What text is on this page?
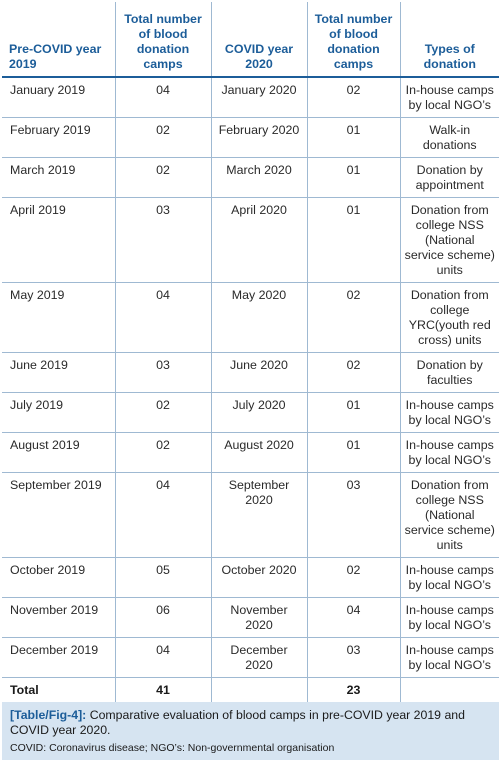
Pre-COVID year 2019	Total number of blood donation camps	COVID year 2020	Total number of blood donation camps	Types of donation
January 2019	04	January 2020	02	In-house camps by local NGO’s
February 2019	02	February 2020	01	Walk-in donations
March 2019	02	March 2020	01	Donation by appointment
April 2019	03	April 2020	01	Donation from college NSS (National service scheme) units
May 2019	04	May 2020	02	Donation from college YRC(youth red cross) units
June 2019	03	June 2020	02	Donation by faculties
July 2019	02	July 2020	01	In-house camps by local NGO’s
August 2019	02	August 2020	01	In-house camps by local NGO’s
September 2019	04	September 2020	03	Donation from college NSS (National service scheme) units
October 2019	05	October 2020	02	In-house camps by local NGO’s
November 2019	06	November 2020	04	In-house camps by local NGO’s
December 2019	04	December 2020	03	In-house camps by local NGO’s
Total	41		23	
[Table/Fig-4]: Comparative evaluation of blood camps in pre-COVID year 2019 and COVID year 2020.
COVID: Coronavirus disease; NGO’s: Non-governmental organisation
